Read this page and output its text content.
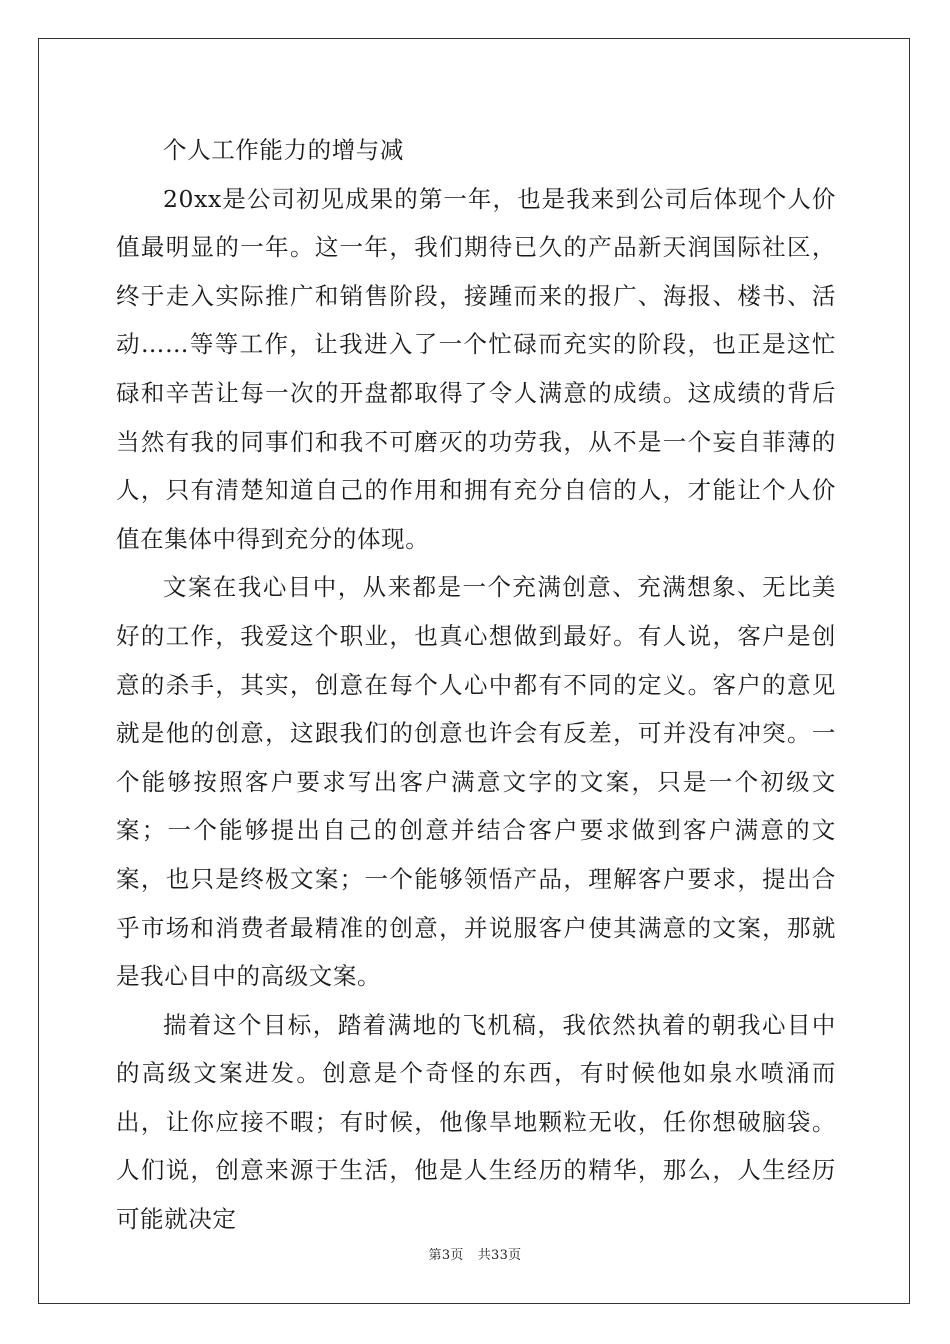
个人工作能力的增与减

20xx是公司初见成果的第一年，也是我来到公司后体现个人价值最明显的一年。这一年，我们期待已久的产品新天润国际社区，终于走入实际推广和销售阶段，接踵而来的报广、海报、楼书、活动……等等工作，让我进入了一个忙碌而充实的阶段，也正是这忙碌和辛苦让每一次的开盘都取得了令人满意的成绩。这成绩的背后当然有我的同事们和我不可磨灭的功劳我，从不是一个妄自菲薄的人，只有清楚知道自己的作用和拥有充分自信的人，才能让个人价值在集体中得到充分的体现。

文案在我心目中，从来都是一个充满创意、充满想象、无比美好的工作，我爱这个职业，也真心想做到最好。有人说，客户是创意的杀手，其实，创意在每个人心中都有不同的定义。客户的意见就是他的创意，这跟我们的创意也许会有反差，可并没有冲突。一个能够按照客户要求写出客户满意文字的文案，只是一个初级文案；一个能够提出自己的创意并结合客户要求做到客户满意的文案，也只是终极文案；一个能够领悟产品，理解客户要求，提出合乎市场和消费者最精准的创意，并说服客户使其满意的文案，那就是我心目中的高级文案。

揣着这个目标，踏着满地的飞机稿，我依然执着的朝我心目中的高级文案进发。创意是个奇怪的东西，有时候他如泉水喷涌而出，让你应接不暇；有时候，他像旱地颗粒无收，任你想破脑袋。人们说，创意来源于生活，他是人生经历的精华，那么，人生经历可能就决定

第3页 共33页
